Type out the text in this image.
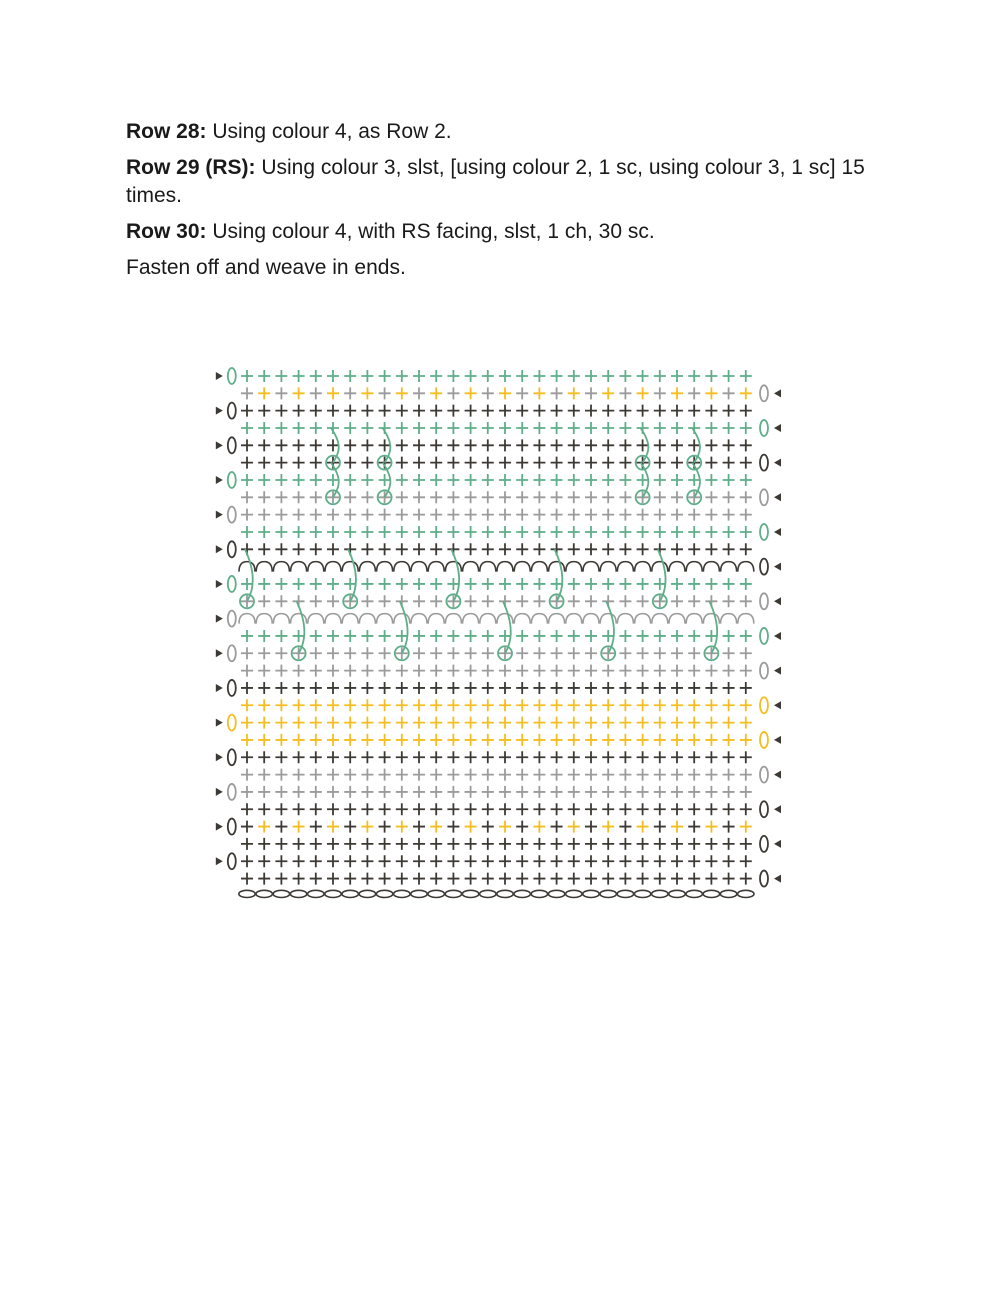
Row 28: Using colour 4, as Row 2.

Row 29 (RS): Using colour 3, slst, [using colour 2, 1 sc, using colour 3, 1 sc] 15 times.

Row 30: Using colour 4, with RS facing, slst, 1 ch, 30 sc.

Fasten off and weave in ends.
